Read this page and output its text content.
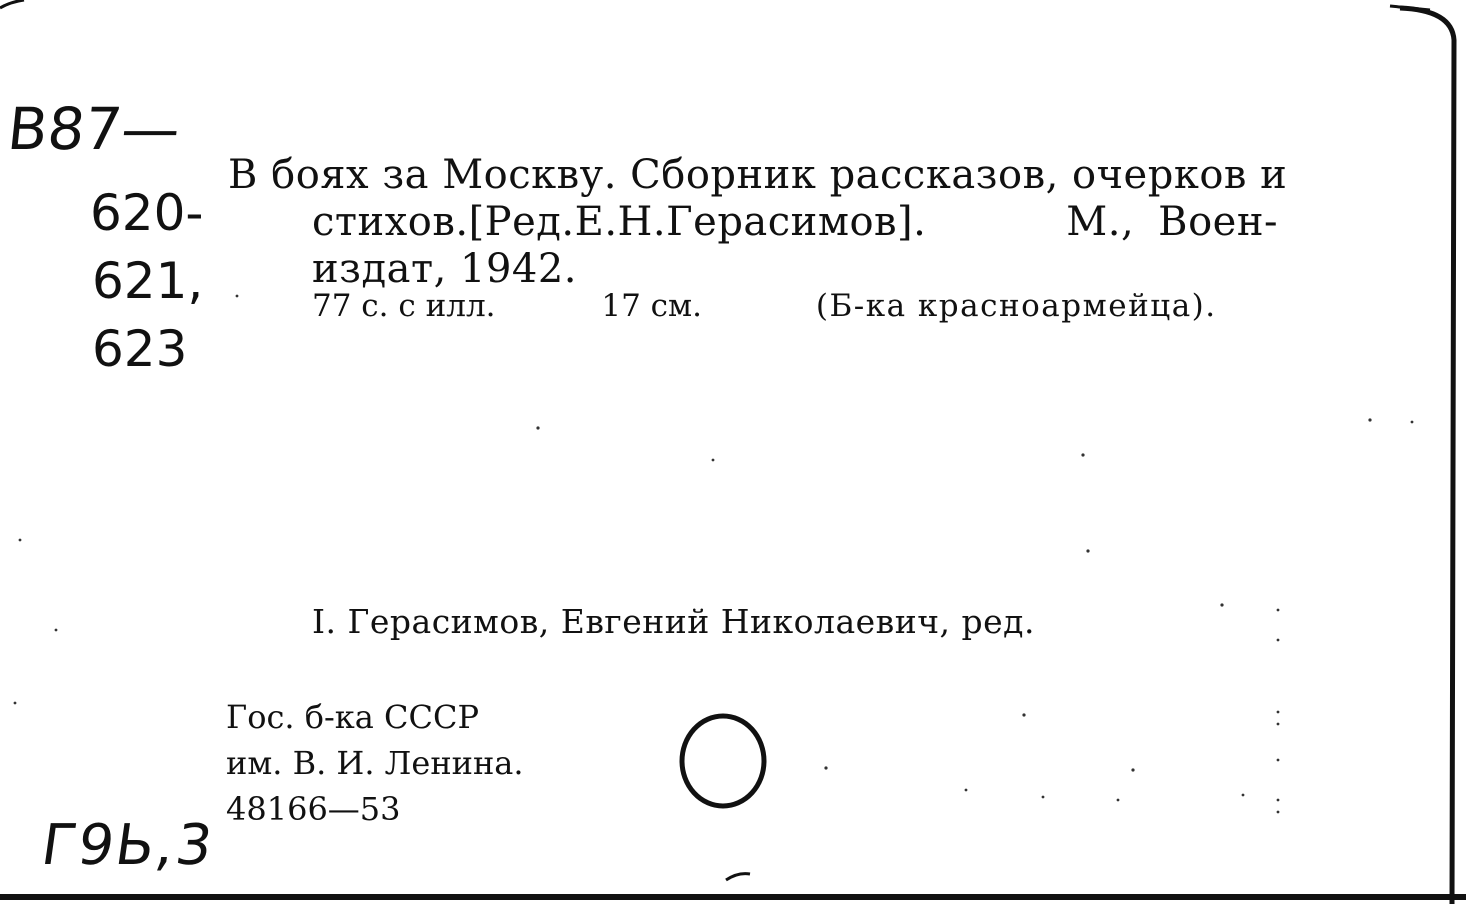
В87—
620-
621,
623
В боях за Москву. Сборник рассказов, очерков и
стихов. [Ред. Е. Н. Герасимов].	М., Воен-
издат, 1942.
77 с. с илл.	17 см.	(Б-ка красноармейца).
I. Герасимов, Евгений Николаевич, ред.
Гос. б-ка СССР
им. В. И. Ленина.
48166—53
Г9Ь,3
